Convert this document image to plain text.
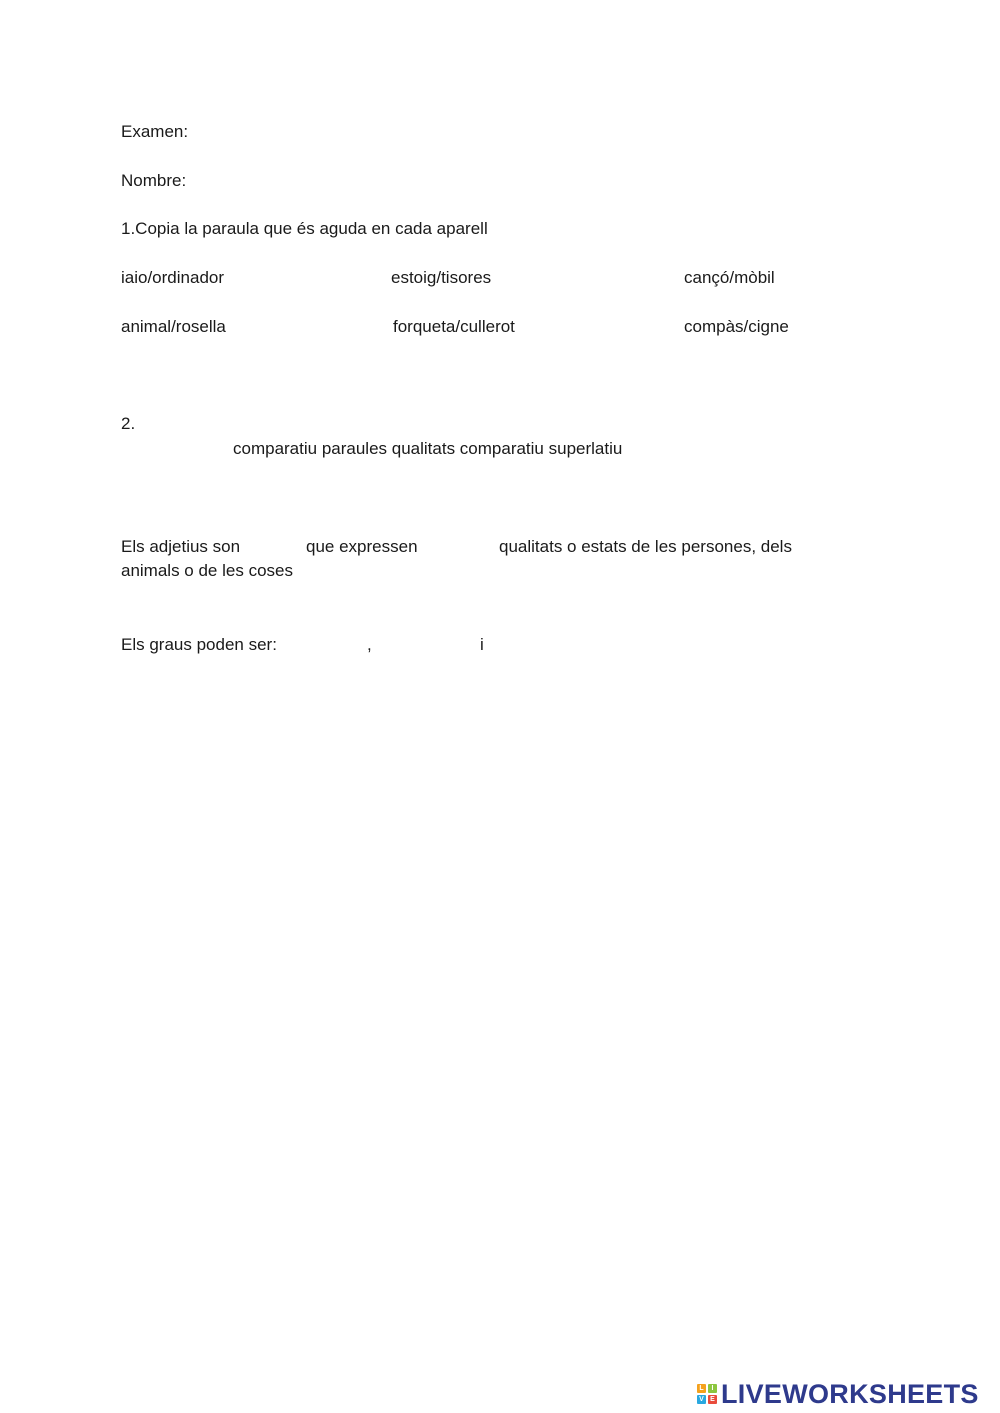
Examen:
Nombre:
1.Copia la paraula que és aguda en cada aparell
iaio/ordinador	estoig/tisores	cançó/mòbil
animal/rosella	forqueta/cullerot	compàs/cigne
2.
comparatiu paraules qualitats comparatiu superlatiu
Els adjetius son	que expressen	qualitats o estats de les persones, dels
animals o de les coses
Els graus poden ser:	,	i
L	I
V E LIVEWORKSHEETS
